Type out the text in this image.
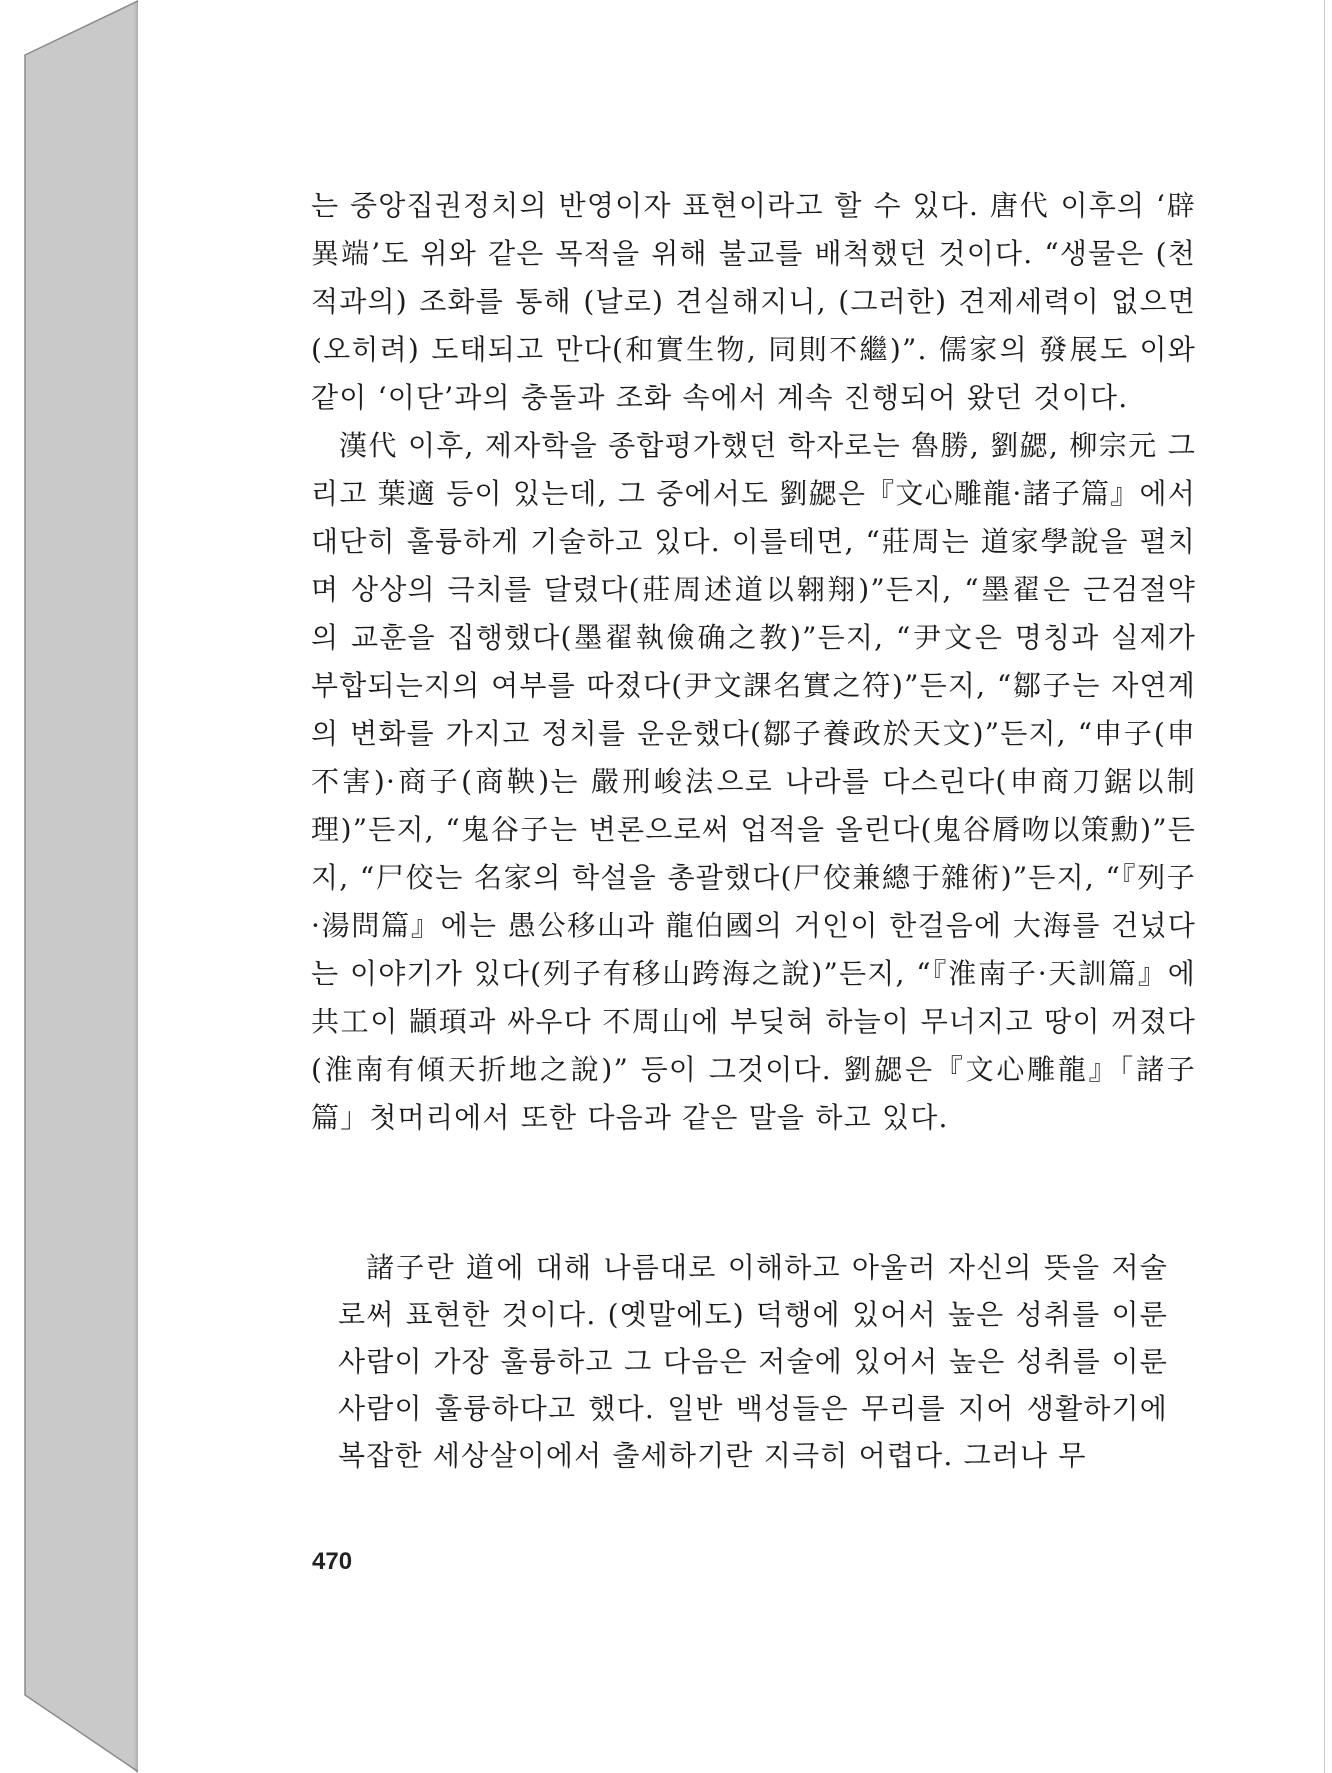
는 중앙집권정치의 반영이자 표현이라고 할 수 있다. 唐代 이후의 ‘辟異端’도 위와 같은 목적을 위해 불교를 배척했던 것이다. “생물은 (천적과의) 조화를 통해 (날로) 견실해지니, (그러한) 견제세력이 없으면 (오히려) 도태되고 만다(和實生物, 同則不繼)”. 儒家의 發展도 이와같이 ‘이단’과의 충돌과 조화 속에서 계속 진행되어 왔던 것이다.

漢代 이후, 제자학을 종합평가했던 학자로는 魯勝, 劉勰, 柳宗元 그리고 葉適 등이 있는데, 그 중에서도 劉勰은『文心雕龍·諸子篇』에서 대단히 훌륭하게 기술하고 있다. 이를테면, “莊周는 道家學說을 펼치며 상상의 극치를 달렸다(莊周述道以翱翔)”든지, “墨翟은 근검절약의 교훈을 집행했다(墨翟執儉确之教)”든지, “尹文은 명칭과 실제가 부합되는지의 여부를 따졌다(尹文課名實之符)”든지, “鄒子는 자연계의 변화를 가지고 정치를 운운했다(鄒子養政於天文)”든지, “申子(申不害)·商子(商鞅)는 嚴刑峻法으로 나라를 다스린다(申商刀鋸以制理)”든지, “鬼谷子는 변론으로써 업적을 올린다(鬼谷脣吻以策勳)”든지, “尸佼는 名家의 학설을 총괄했다(尸佼兼總于雜術)”든지, “『列子·湯問篇』에는 愚公移山과 龍伯國의 거인이 한걸음에 大海를 건넜다는 이야기가 있다(列子有移山跨海之說)”든지, “『淮南子·天訓篇』에 共工이 顓頊과 싸우다 不周山에 부딪혀 하늘이 무너지고 땅이 꺼졌다(淮南有傾天折地之說)” 등이 그것이다. 劉勰은『文心雕龍』「諸子篇」첫머리에서 또한 다음과 같은 말을 하고 있다.

諸子란 道에 대해 나름대로 이해하고 아울러 자신의 뜻을 저술로써 표현한 것이다. (옛말에도) 덕행에 있어서 높은 성취를 이룬 사람이 가장 훌륭하고 그 다음은 저술에 있어서 높은 성취를 이룬 사람이 훌륭하다고 했다. 일반 백성들은 무리를 지어 생활하기에 복잡한 세상살이에서 출세하기란 지극히 어렵다. 그러나 무

470
